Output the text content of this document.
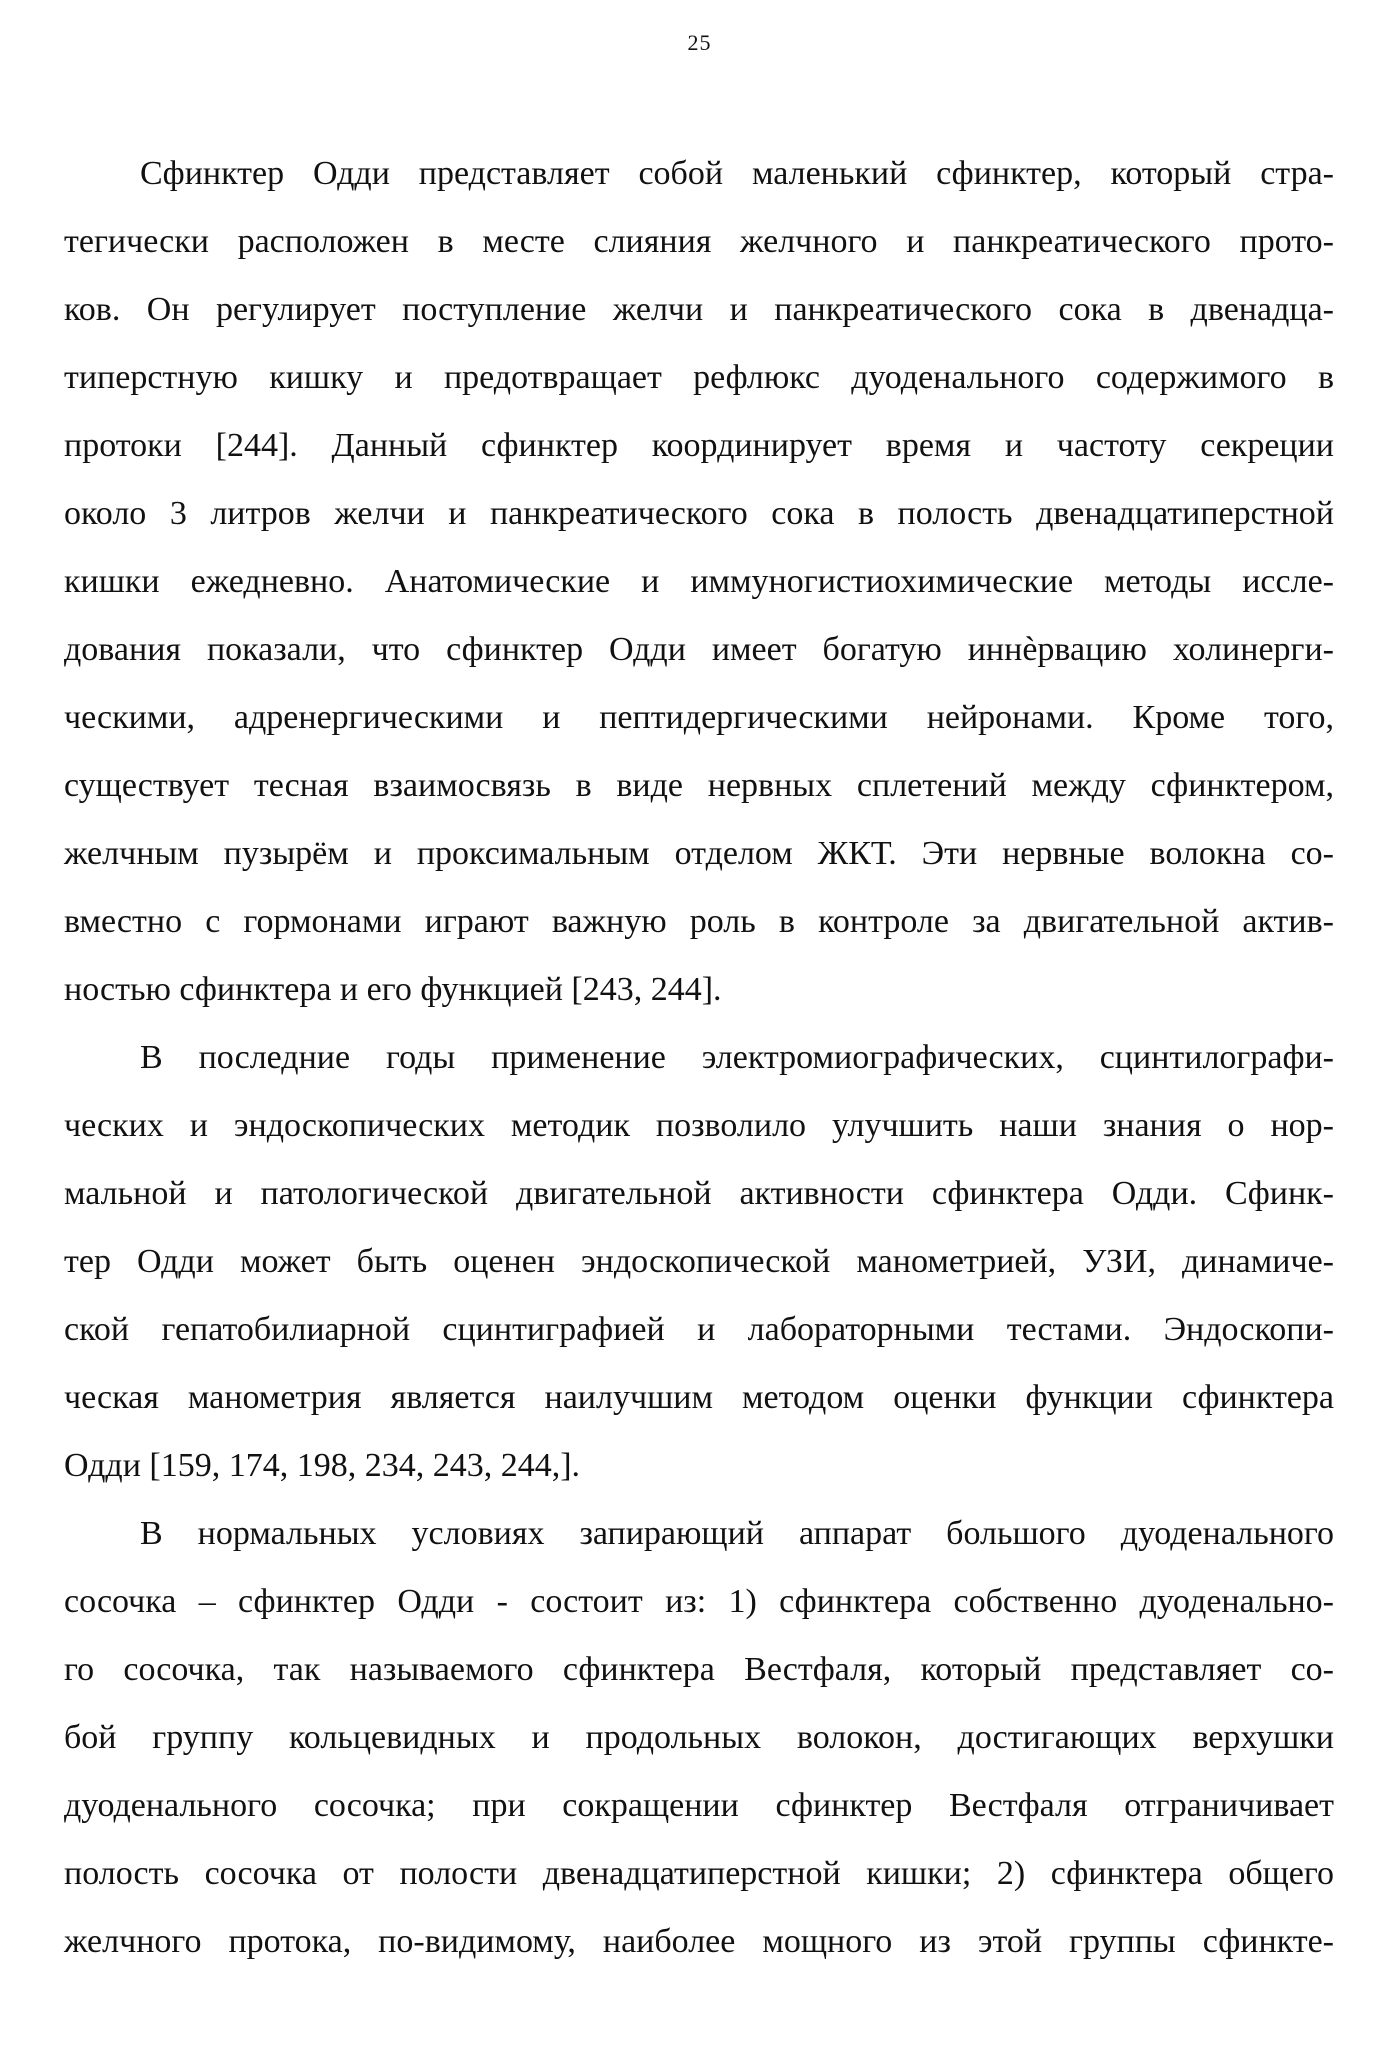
25
Сфинктер Одди представляет собой маленький сфинктер, который стра-
тегически расположен в месте слияния желчного и панкреатического прото-
ков. Он регулирует поступление желчи и панкреатического сока в двенадца-
типерстную кишку и предотвращает рефлюкс дуоденального содержимого в
протоки [244]. Данный сфинктер координирует время и частоту секреции
около 3 литров желчи и панкреатического сока в полость двенадцатиперстной
кишки ежедневно. Анатомические и иммуногистиохимические методы иссле-
дования показали, что сфинктер Одди имеет богатую иннѐрвацию холинерги-
ческими, адренергическими и пептидергическими нейронами. Кроме того,
существует тесная взаимосвязь в виде нервных сплетений между сфинктером,
желчным пузырём и проксимальным отделом ЖКТ. Эти нервные волокна со-
вместно с гормонами играют важную роль в контроле за двигательной актив-
ностью сфинктера и его функцией [243, 244].
В последние годы применение электромиографических, сцинтилографи-
ческих и эндоскопических методик позволило улучшить наши знания о нор-
мальной и патологической двигательной активности сфинктера Одди. Сфинк-
тер Одди может быть оценен эндоскопической манометрией, УЗИ, динамиче-
ской гепатобилиарной сцинтиграфией и лабораторными тестами. Эндоскопи-
ческая манометрия является наилучшим методом оценки функции сфинктера
Одди [159, 174, 198, 234, 243, 244,].
В нормальных условиях запирающий аппарат большого дуоденального
сосочка – сфинктер Одди - состоит из: 1) сфинктера собственно дуоденально-
го сосочка, так называемого сфинктера Вестфаля, который представляет со-
бой группу кольцевидных и продольных волокон, достигающих верхушки
дуоденального сосочка; при сокращении сфинктер Вестфаля отграничивает
полость сосочка от полости двенадцатиперстной кишки; 2) сфинктера общего
желчного протока, по-видимому, наиболее мощного из этой группы сфинкте-
